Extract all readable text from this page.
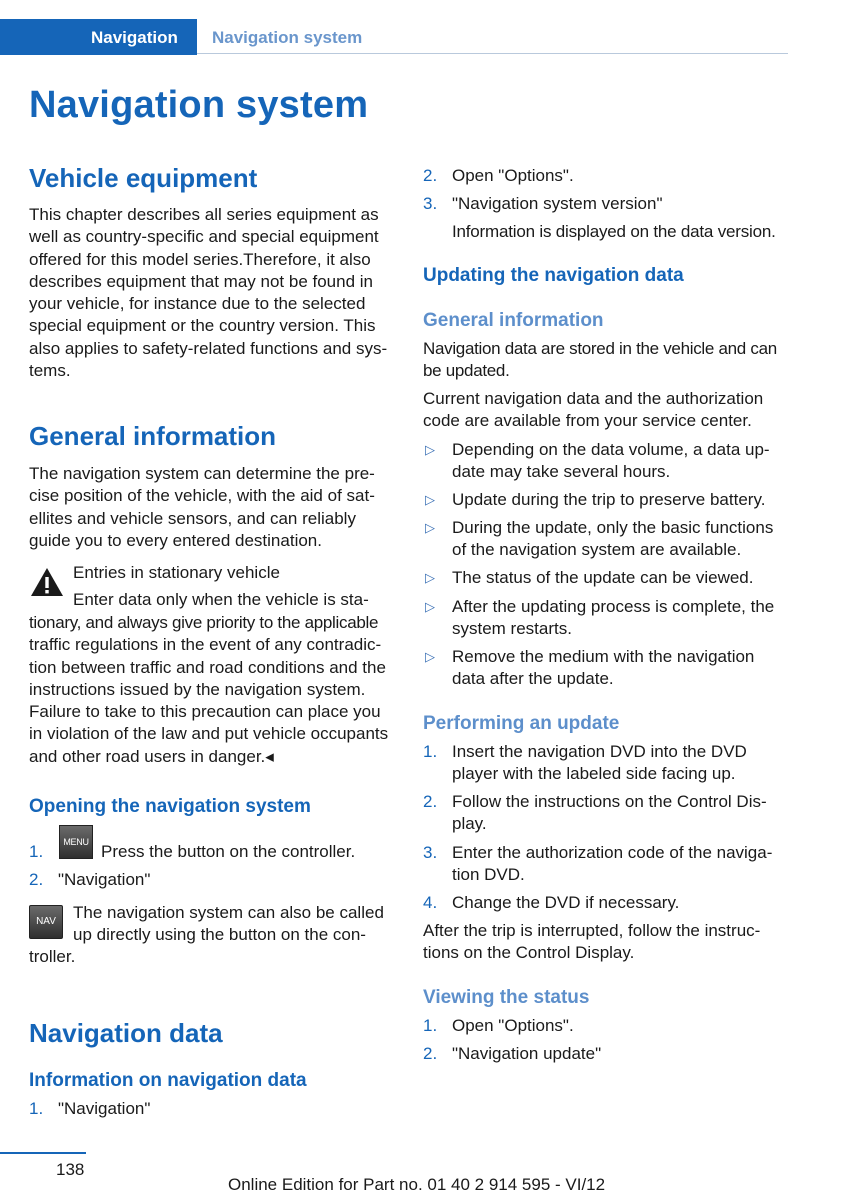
Navigation Navigation system
Navigation system
Vehicle equipment
This chapter describes all series equipment as
well as country-specific and special equipment
offered for this model series.Therefore, it also
describes equipment that may not be found in
your vehicle, for instance due to the selected
special equipment or the country version. This
also applies to safety-related functions and sys-
tems.
General information
The navigation system can determine the pre-
cise position of the vehicle, with the aid of sat-
ellites and vehicle sensors, and can reliably
guide you to every entered destination.
Entries in stationary vehicle
Enter data only when the vehicle is sta-
tionary, and always give priority to the applicable
traffic regulations in the event of any contradic-
tion between traffic and road conditions and the
instructions issued by the navigation system.
Failure to take to this precaution can place you
in violation of the law and put vehicle occupants
and other road users in danger.◂
Opening the navigation system
1.	Press the button on the controller.
MENU
2. "Navigation"
NAV	The navigation system can also be called
up directly using the button on the con-
troller.
Navigation data
Information on navigation data
1. "Navigation"
2. Open "Options".
3. "Navigation system version"
Information is displayed on the data version.
Updating the navigation data
General information
Navigation data are stored in the vehicle and can
be updated.
Current navigation data and the authorization
code are available from your service center.
▷ Depending on the data volume, a data up-
date may take several hours.
▷ Update during the trip to preserve battery.
▷ During the update, only the basic functions
of the navigation system are available.
▷ The status of the update can be viewed.
▷ After the updating process is complete, the
system restarts.
▷ Remove the medium with the navigation
data after the update.
Performing an update
1. Insert the navigation DVD into the DVD
player with the labeled side facing up.
2. Follow the instructions on the Control Dis-
play.
3. Enter the authorization code of the naviga-
tion DVD.
4. Change the DVD if necessary.
After the trip is interrupted, follow the instruc-
tions on the Control Display.
Viewing the status
1. Open "Options".
2. "Navigation update"
138
Online Edition for Part no. 01 40 2 914 595 - VI/12
